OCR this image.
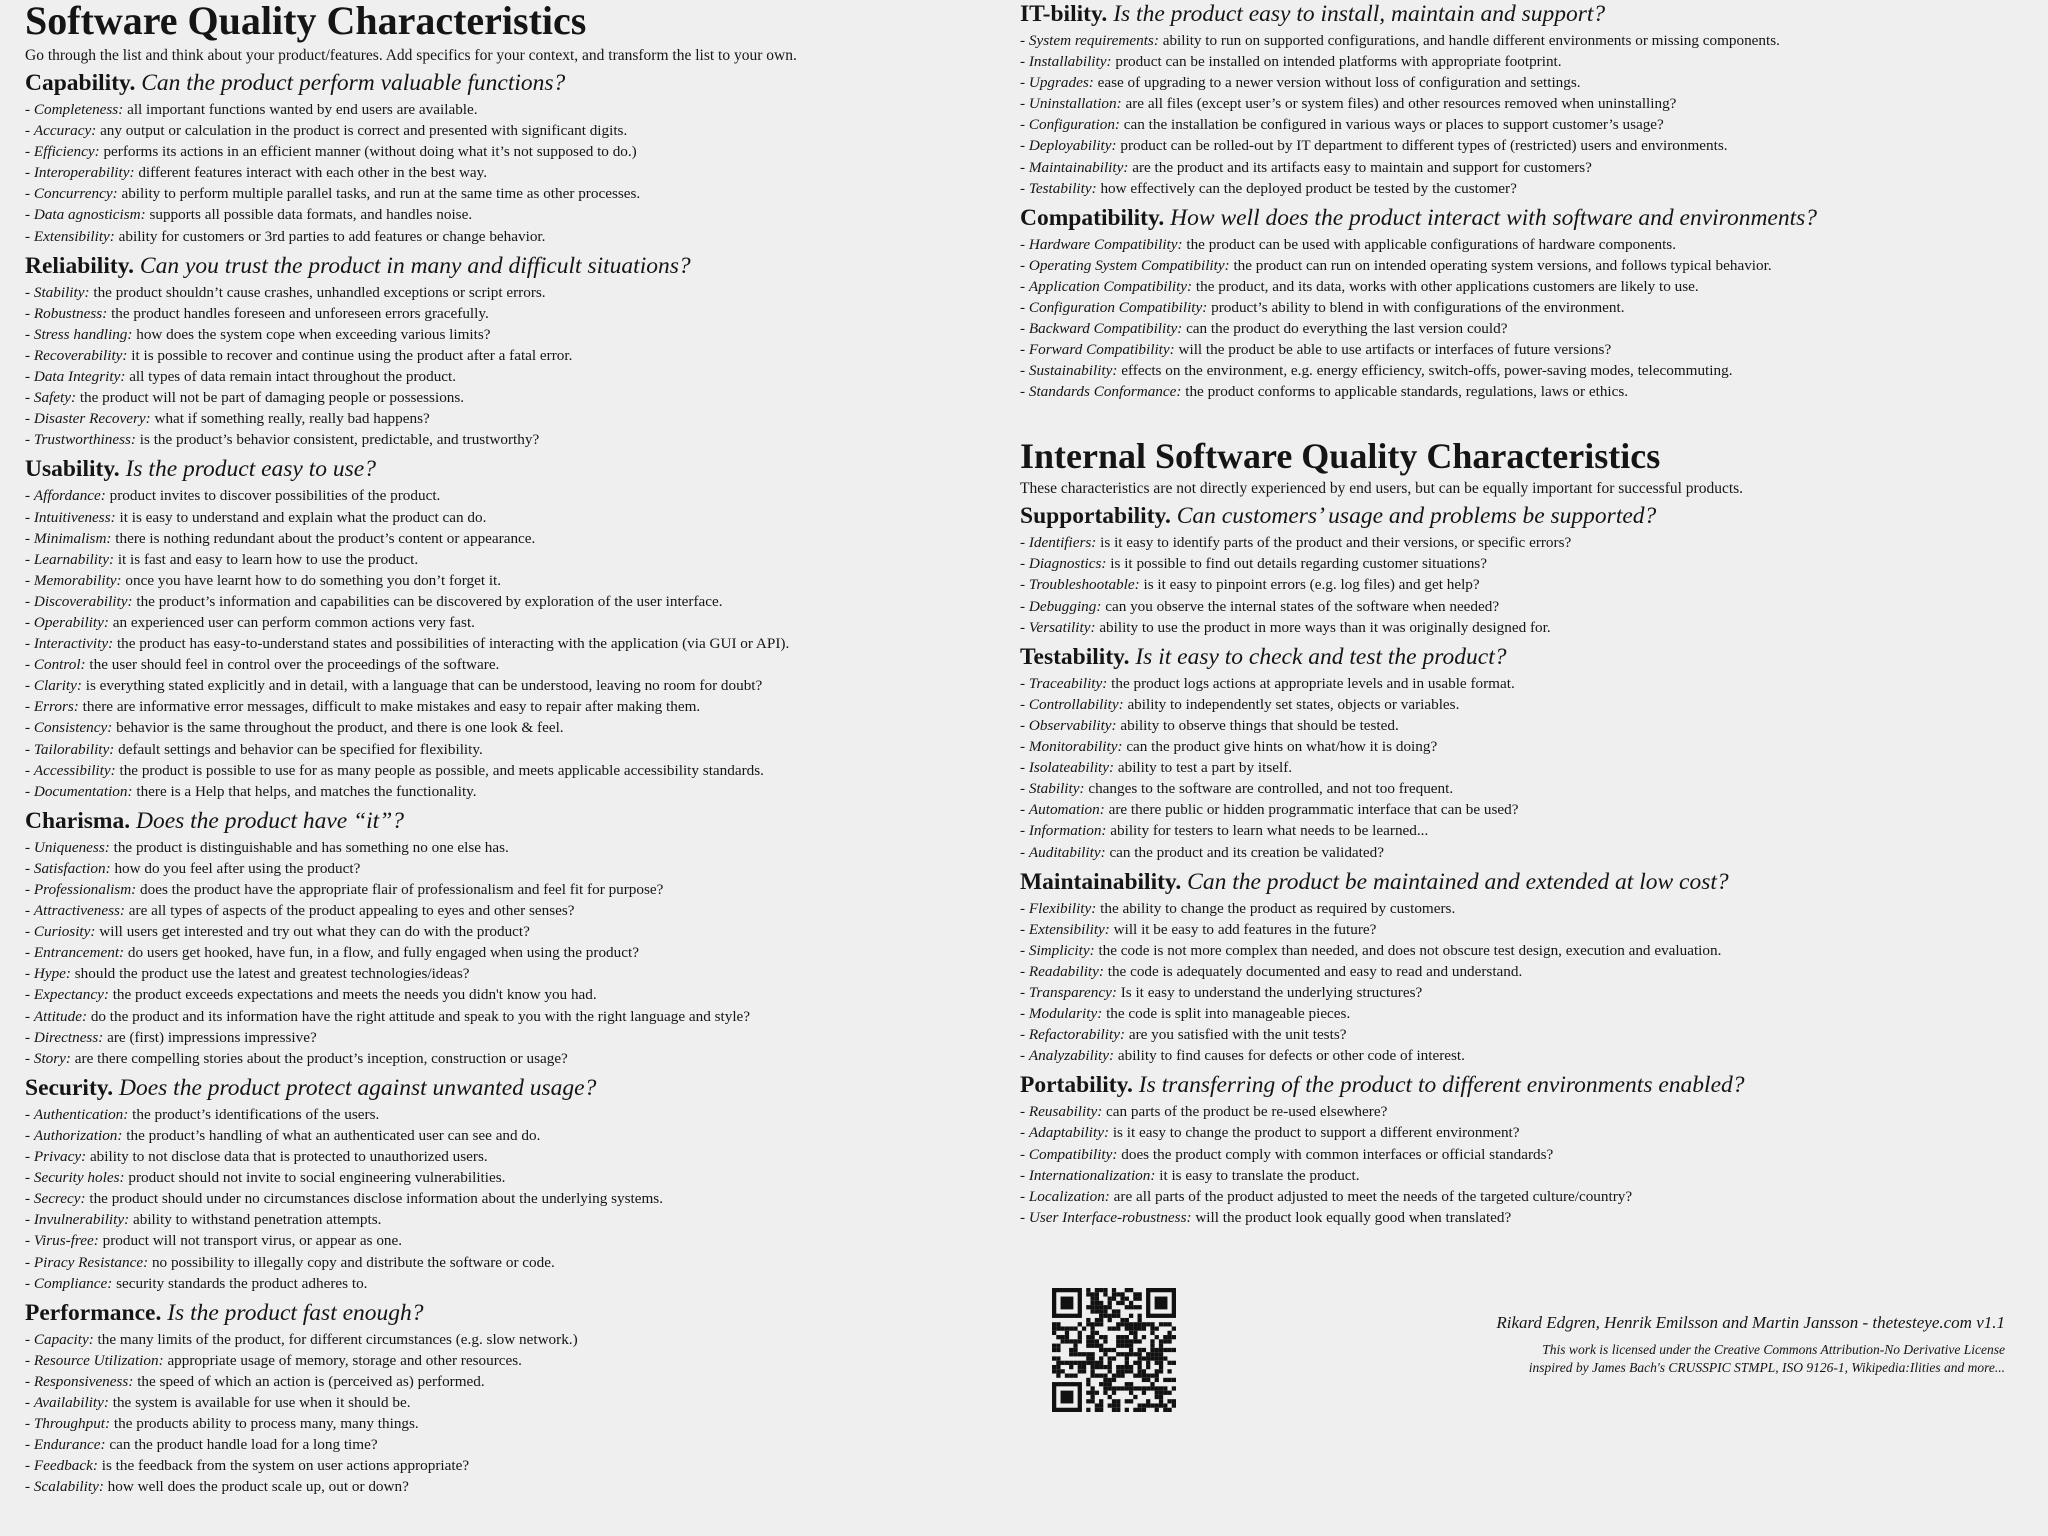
Software Quality Characteristics
Go through the list and think about your product/features. Add specifics for your context, and transform the list to your own.
Capability. Can the product perform valuable functions?
- Completeness: all important functions wanted by end users are available.
- Accuracy: any output or calculation in the product is correct and presented with significant digits.
- Efficiency: performs its actions in an efficient manner (without doing what it’s not supposed to do.)
- Interoperability: different features interact with each other in the best way.
- Concurrency: ability to perform multiple parallel tasks, and run at the same time as other processes.
- Data agnosticism: supports all possible data formats, and handles noise.
- Extensibility: ability for customers or 3rd parties to add features or change behavior.
Reliability. Can you trust the product in many and difficult situations?
- Stability: the product shouldn’t cause crashes, unhandled exceptions or script errors.
- Robustness: the product handles foreseen and unforeseen errors gracefully.
- Stress handling: how does the system cope when exceeding various limits?
- Recoverability: it is possible to recover and continue using the product after a fatal error.
- Data Integrity: all types of data remain intact throughout the product.
- Safety: the product will not be part of damaging people or possessions.
- Disaster Recovery: what if something really, really bad happens?
- Trustworthiness: is the product’s behavior consistent, predictable, and trustworthy?
Usability. Is the product easy to use?
- Affordance: product invites to discover possibilities of the product.
- Intuitiveness: it is easy to understand and explain what the product can do.
- Minimalism: there is nothing redundant about the product’s content or appearance.
- Learnability: it is fast and easy to learn how to use the product.
- Memorability: once you have learnt how to do something you don’t forget it.
- Discoverability: the product’s information and capabilities can be discovered by exploration of the user interface.
- Operability: an experienced user can perform common actions very fast.
- Interactivity: the product has easy-to-understand states and possibilities of interacting with the application (via GUI or API).
- Control: the user should feel in control over the proceedings of the software.
- Clarity: is everything stated explicitly and in detail, with a language that can be understood, leaving no room for doubt?
- Errors: there are informative error messages, difficult to make mistakes and easy to repair after making them.
- Consistency: behavior is the same throughout the product, and there is one look & feel.
- Tailorability: default settings and behavior can be specified for flexibility.
- Accessibility: the product is possible to use for as many people as possible, and meets applicable accessibility standards.
- Documentation: there is a Help that helps, and matches the functionality.
Charisma. Does the product have “it”?
- Uniqueness: the product is distinguishable and has something no one else has.
- Satisfaction: how do you feel after using the product?
- Professionalism: does the product have the appropriate flair of professionalism and feel fit for purpose?
- Attractiveness: are all types of aspects of the product appealing to eyes and other senses?
- Curiosity: will users get interested and try out what they can do with the product?
- Entrancement: do users get hooked, have fun, in a flow, and fully engaged when using the product?
- Hype: should the product use the latest and greatest technologies/ideas?
- Expectancy: the product exceeds expectations and meets the needs you didn't know you had.
- Attitude: do the product and its information have the right attitude and speak to you with the right language and style?
- Directness: are (first) impressions impressive?
- Story: are there compelling stories about the product’s inception, construction or usage?
Security. Does the product protect against unwanted usage?
- Authentication: the product’s identifications of the users.
- Authorization: the product’s handling of what an authenticated user can see and do.
- Privacy: ability to not disclose data that is protected to unauthorized users.
- Security holes: product should not invite to social engineering vulnerabilities.
- Secrecy: the product should under no circumstances disclose information about the underlying systems.
- Invulnerability: ability to withstand penetration attempts.
- Virus-free: product will not transport virus, or appear as one.
- Piracy Resistance: no possibility to illegally copy and distribute the software or code.
- Compliance: security standards the product adheres to.
Performance. Is the product fast enough?
- Capacity: the many limits of the product, for different circumstances (e.g. slow network.)
- Resource Utilization: appropriate usage of memory, storage and other resources.
- Responsiveness: the speed of which an action is (perceived as) performed.
- Availability: the system is available for use when it should be.
- Throughput: the products ability to process many, many things.
- Endurance: can the product handle load for a long time?
- Feedback: is the feedback from the system on user actions appropriate?
- Scalability: how well does the product scale up, out or down?
IT-bility. Is the product easy to install, maintain and support?
- System requirements: ability to run on supported configurations, and handle different environments or missing components.
- Installability: product can be installed on intended platforms with appropriate footprint.
- Upgrades: ease of upgrading to a newer version without loss of configuration and settings.
- Uninstallation: are all files (except user’s or system files) and other resources removed when uninstalling?
- Configuration: can the installation be configured in various ways or places to support customer’s usage?
- Deployability: product can be rolled-out by IT department to different types of (restricted) users and environments.
- Maintainability: are the product and its artifacts easy to maintain and support for customers?
- Testability: how effectively can the deployed product be tested by the customer?
Compatibility. How well does the product interact with software and environments?
- Hardware Compatibility: the product can be used with applicable configurations of hardware components.
- Operating System Compatibility: the product can run on intended operating system versions, and follows typical behavior.
- Application Compatibility: the product, and its data, works with other applications customers are likely to use.
- Configuration Compatibility: product’s ability to blend in with configurations of the environment.
- Backward Compatibility: can the product do everything the last version could?
- Forward Compatibility: will the product be able to use artifacts or interfaces of future versions?
- Sustainability: effects on the environment, e.g. energy efficiency, switch-offs, power-saving modes, telecommuting.
- Standards Conformance: the product conforms to applicable standards, regulations, laws or ethics.
Internal Software Quality Characteristics
These characteristics are not directly experienced by end users, but can be equally important for successful products.
Supportability. Can customers’ usage and problems be supported?
- Identifiers: is it easy to identify parts of the product and their versions, or specific errors?
- Diagnostics: is it possible to find out details regarding customer situations?
- Troubleshootable: is it easy to pinpoint errors (e.g. log files) and get help?
- Debugging: can you observe the internal states of the software when needed?
- Versatility: ability to use the product in more ways than it was originally designed for.
Testability. Is it easy to check and test the product?
- Traceability: the product logs actions at appropriate levels and in usable format.
- Controllability: ability to independently set states, objects or variables.
- Observability: ability to observe things that should be tested.
- Monitorability: can the product give hints on what/how it is doing?
- Isolateability: ability to test a part by itself.
- Stability: changes to the software are controlled, and not too frequent.
- Automation: are there public or hidden programmatic interface that can be used?
- Information: ability for testers to learn what needs to be learned...
- Auditability: can the product and its creation be validated?
Maintainability. Can the product be maintained and extended at low cost?
- Flexibility: the ability to change the product as required by customers.
- Extensibility: will it be easy to add features in the future?
- Simplicity: the code is not more complex than needed, and does not obscure test design, execution and evaluation.
- Readability: the code is adequately documented and easy to read and understand.
- Transparency: Is it easy to understand the underlying structures?
- Modularity: the code is split into manageable pieces.
- Refactorability: are you satisfied with the unit tests?
- Analyzability: ability to find causes for defects or other code of interest.
Portability. Is transferring of the product to different environments enabled?
- Reusability: can parts of the product be re-used elsewhere?
- Adaptability: is it easy to change the product to support a different environment?
- Compatibility: does the product comply with common interfaces or official standards?
- Internationalization: it is easy to translate the product.
- Localization: are all parts of the product adjusted to meet the needs of the targeted culture/country?
- User Interface-robustness: will the product look equally good when translated?
Rikard Edgren, Henrik Emilsson and Martin Jansson - thetesteye.com v1.1
This work is licensed under the Creative Commons Attribution-No Derivative License
inspired by James Bach's CRUSSPIC STMPL, ISO 9126-1, Wikipedia:Ilities and more...
